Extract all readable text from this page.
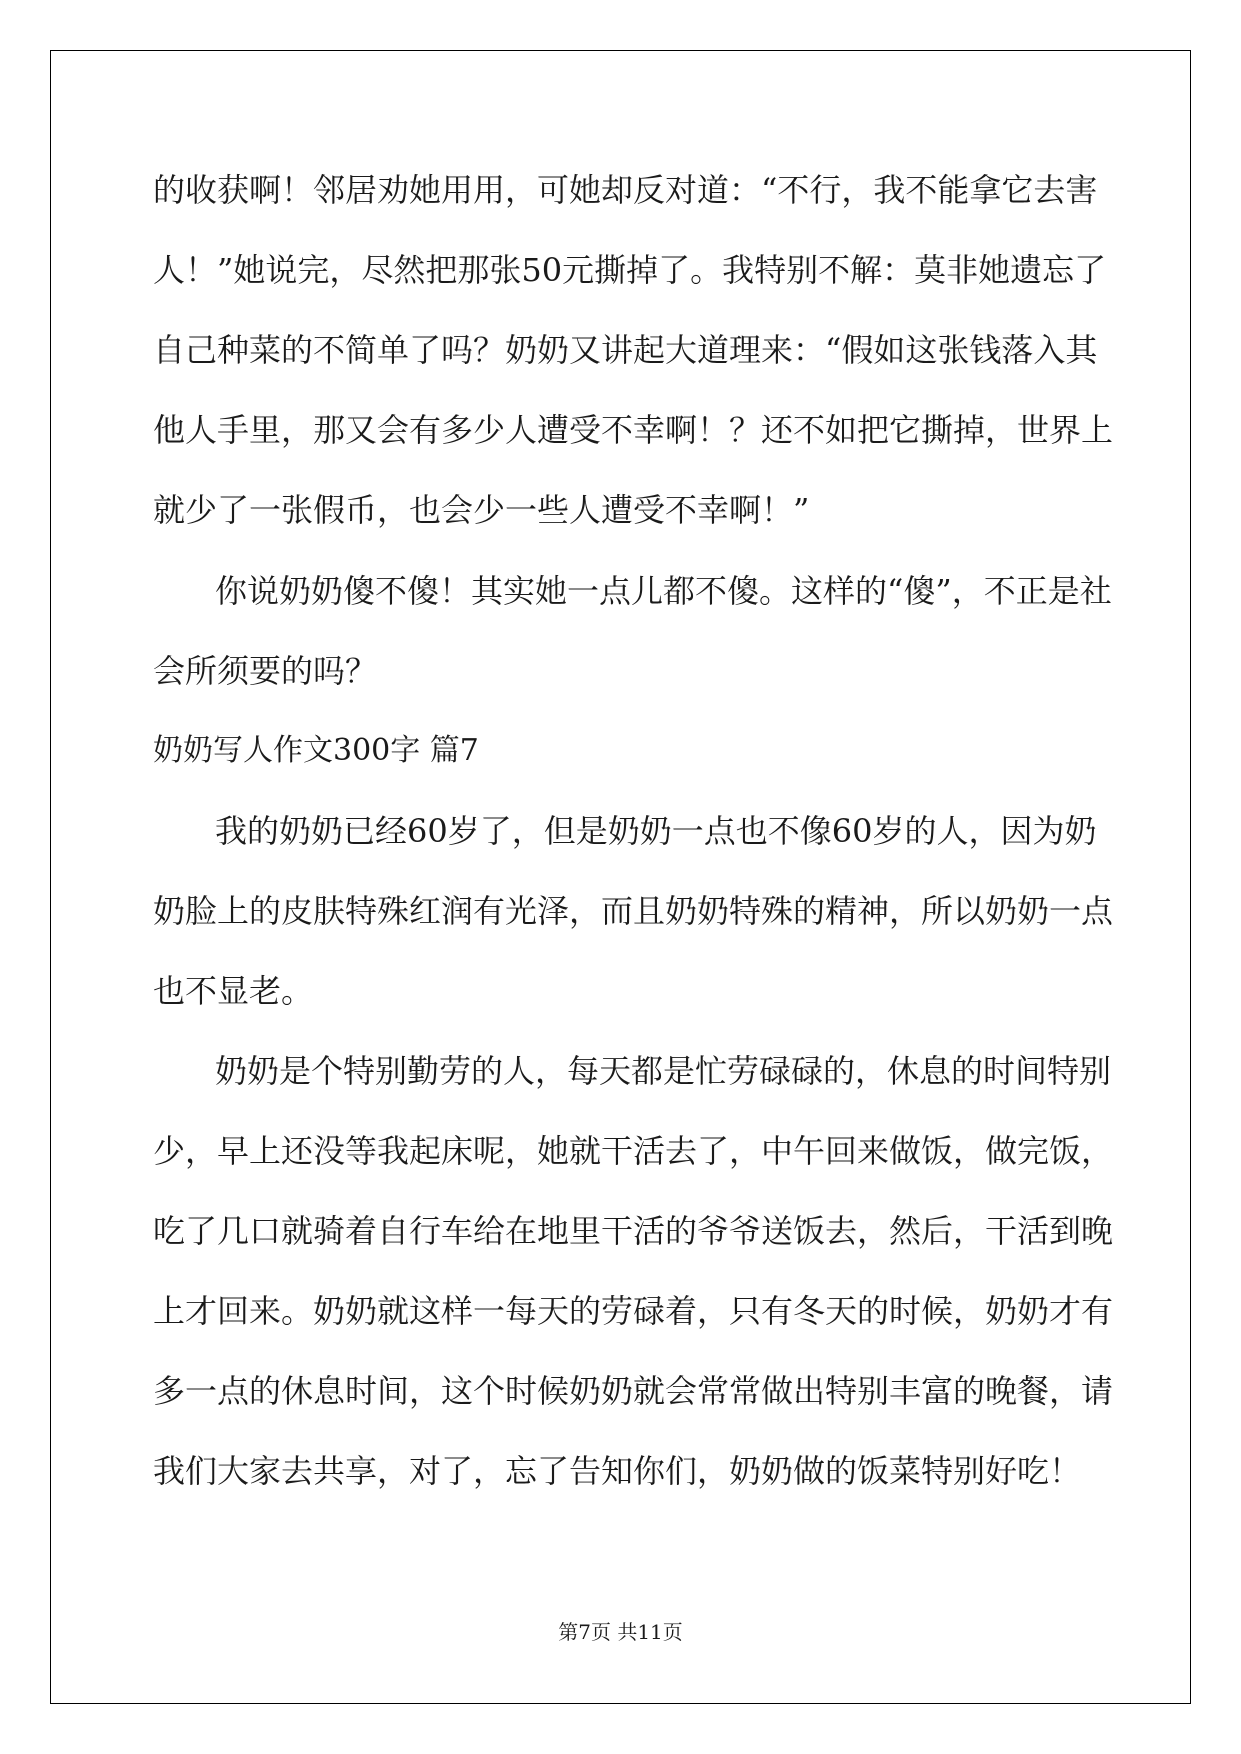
的收获啊！邻居劝她用用，可她却反对道：“不行，我不能拿它去害

人！”她说完，尽然把那张50元撕掉了。我特别不解：莫非她遗忘了

自己种菜的不简单了吗？奶奶又讲起大道理来：“假如这张钱落入其

他人手里，那又会有多少人遭受不幸啊！？还不如把它撕掉，世界上

就少了一张假币，也会少一些人遭受不幸啊！”

你说奶奶傻不傻！其实她一点儿都不傻。这样的“傻”，不正是社

会所须要的吗？

奶奶写人作文300字 篇7

我的奶奶已经60岁了，但是奶奶一点也不像60岁的人，因为奶

奶脸上的皮肤特殊红润有光泽，而且奶奶特殊的精神，所以奶奶一点

也不显老。

奶奶是个特别勤劳的人，每天都是忙劳碌碌的，休息的时间特别

少，早上还没等我起床呢，她就干活去了，中午回来做饭，做完饭，

吃了几口就骑着自行车给在地里干活的爷爷送饭去，然后，干活到晚

上才回来。奶奶就这样一每天的劳碌着，只有冬天的时候，奶奶才有

多一点的休息时间，这个时候奶奶就会常常做出特别丰富的晚餐，请

我们大家去共享，对了，忘了告知你们，奶奶做的饭菜特别好吃！

第7页 共11页
